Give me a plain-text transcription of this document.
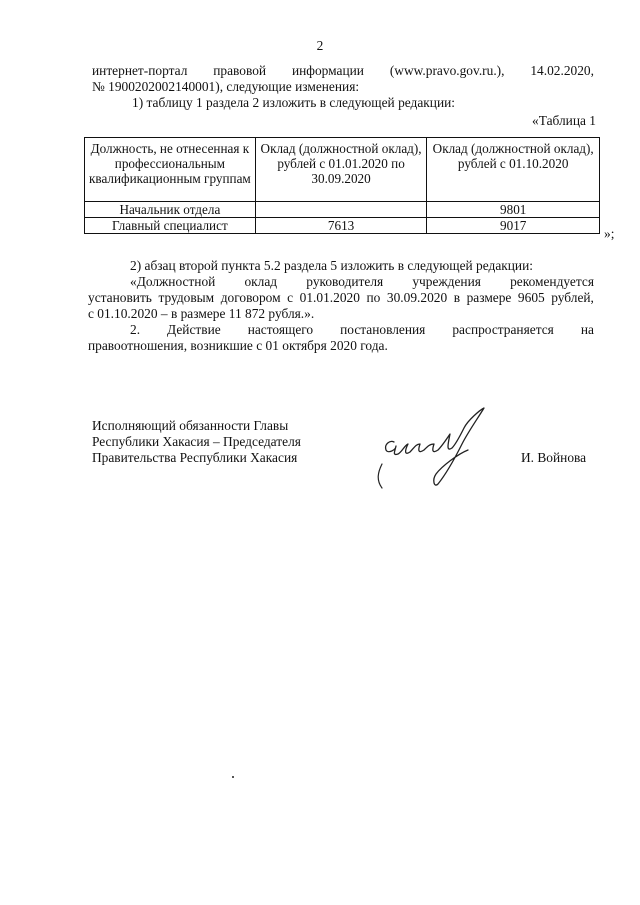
2
интернет-портал правовой информации (www.pravo.gov.ru.), 14.02.2020,
№ 1900202002140001), следующие изменения:
1) таблицу 1 раздела 2 изложить в следующей редакции:
«Таблица 1
Должность, не отнесенная к профессиональным квалификационным группам	Оклад (должностной оклад), рублей с 01.01.2020 по 30.09.2020	Оклад (должностной оклад), рублей с 01.10.2020
Начальник отдела		9801
Главный специалист	7613	9017
»;
2) абзац второй пункта 5.2 раздела 5 изложить в следующей редакции:
«Должностной оклад руководителя учреждения рекомендуется
установить трудовым договором с 01.01.2020 по 30.09.2020 в размере 9605 рублей,
с 01.10.2020 – в размере 11 872 рубля.».
2. Действие настоящего постановления распространяется на
правоотношения, возникшие с 01 октября 2020 года.
Исполняющий обязанности Главы
Республики Хакасия – Председателя
Правительства Республики Хакасия	И. Войнова
